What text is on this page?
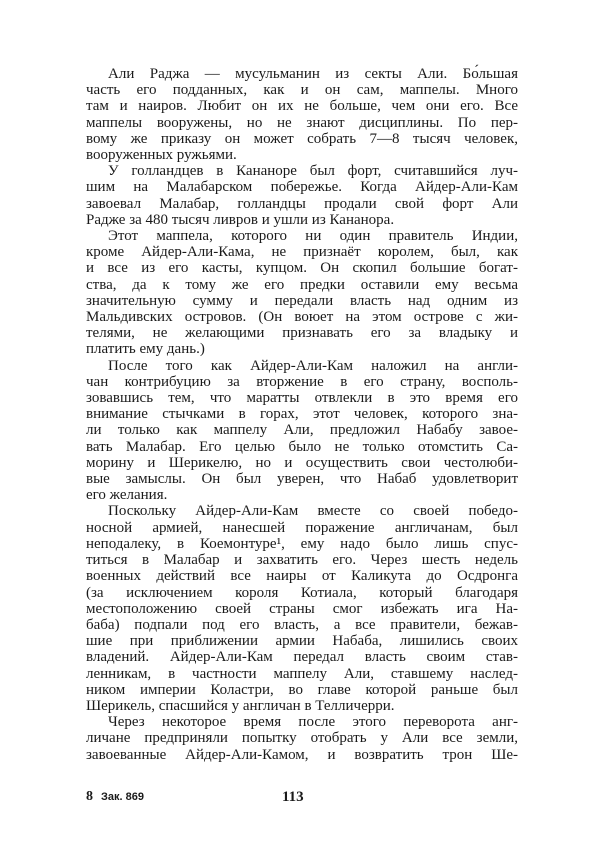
Али Раджа — мусульманин из секты Али. Бо́льшая
часть его подданных, как и он сам, маппелы. Много
там и наиров. Любит он их не больше, чем они его. Все
маппелы вооружены, но не знают дисциплины. По пер-
вому же приказу он может собрать 7—8 тысяч человек,
вооруженных ружьями.
У голландцев в Кананоре был форт, считавшийся луч-
шим на Малабарском побережье. Когда Айдер-Али-Кам
завоевал Малабар, голландцы продали свой форт Али
Радже за 480 тысяч ливров и ушли из Кананора.
Этот маппела, которого ни один правитель Индии,
кроме Айдер-Али-Кама, не признаёт королем, был, как
и все из его касты, купцом. Он скопил большие богат-
ства, да к тому же его предки оставили ему весьма
значительную сумму и передали власть над одним из
Мальдивских островов. (Он воюет на этом острове с жи-
телями, не желающими признавать его за владыку и
платить ему дань.)
После того как Айдер-Али-Кам наложил на англи-
чан контрибуцию за вторжение в его страну, восполь-
зовавшись тем, что маратты отвлекли в это время его
внимание стычками в горах, этот человек, которого зна-
ли только как маппелу Али, предложил Набабу завое-
вать Малабар. Его целью было не только отомстить Са-
морину и Шерикелю, но и осуществить свои честолюби-
вые замыслы. Он был уверен, что Набаб удовлетворит
его желания.
Поскольку Айдер-Али-Кам вместе со своей победо-
носной армией, нанесшей поражение англичанам, был
неподалеку, в Коемонтуре¹, ему надо было лишь спус-
титься в Малабар и захватить его. Через шесть недель
военных действий все наиры от Каликута до Осдронга
(за исключением короля Котиала, который благодаря
местоположению своей страны смог избежать ига На-
баба) подпали под его власть, а все правители, бежав-
шие при приближении армии Набаба, лишились своих
владений. Айдер-Али-Кам передал власть своим став-
ленникам, в частности маппелу Али, ставшему наслед-
ником империи Коластри, во главе которой раньше был
Шерикель, спасшийся у англичан в Телличерри.
Через некоторое время после этого переворота анг-
личане предприняли попытку отобрать у Али все земли,
завоеванные Айдер-Али-Камом, и возвратить трон Ше-
8 Зак. 869	113
